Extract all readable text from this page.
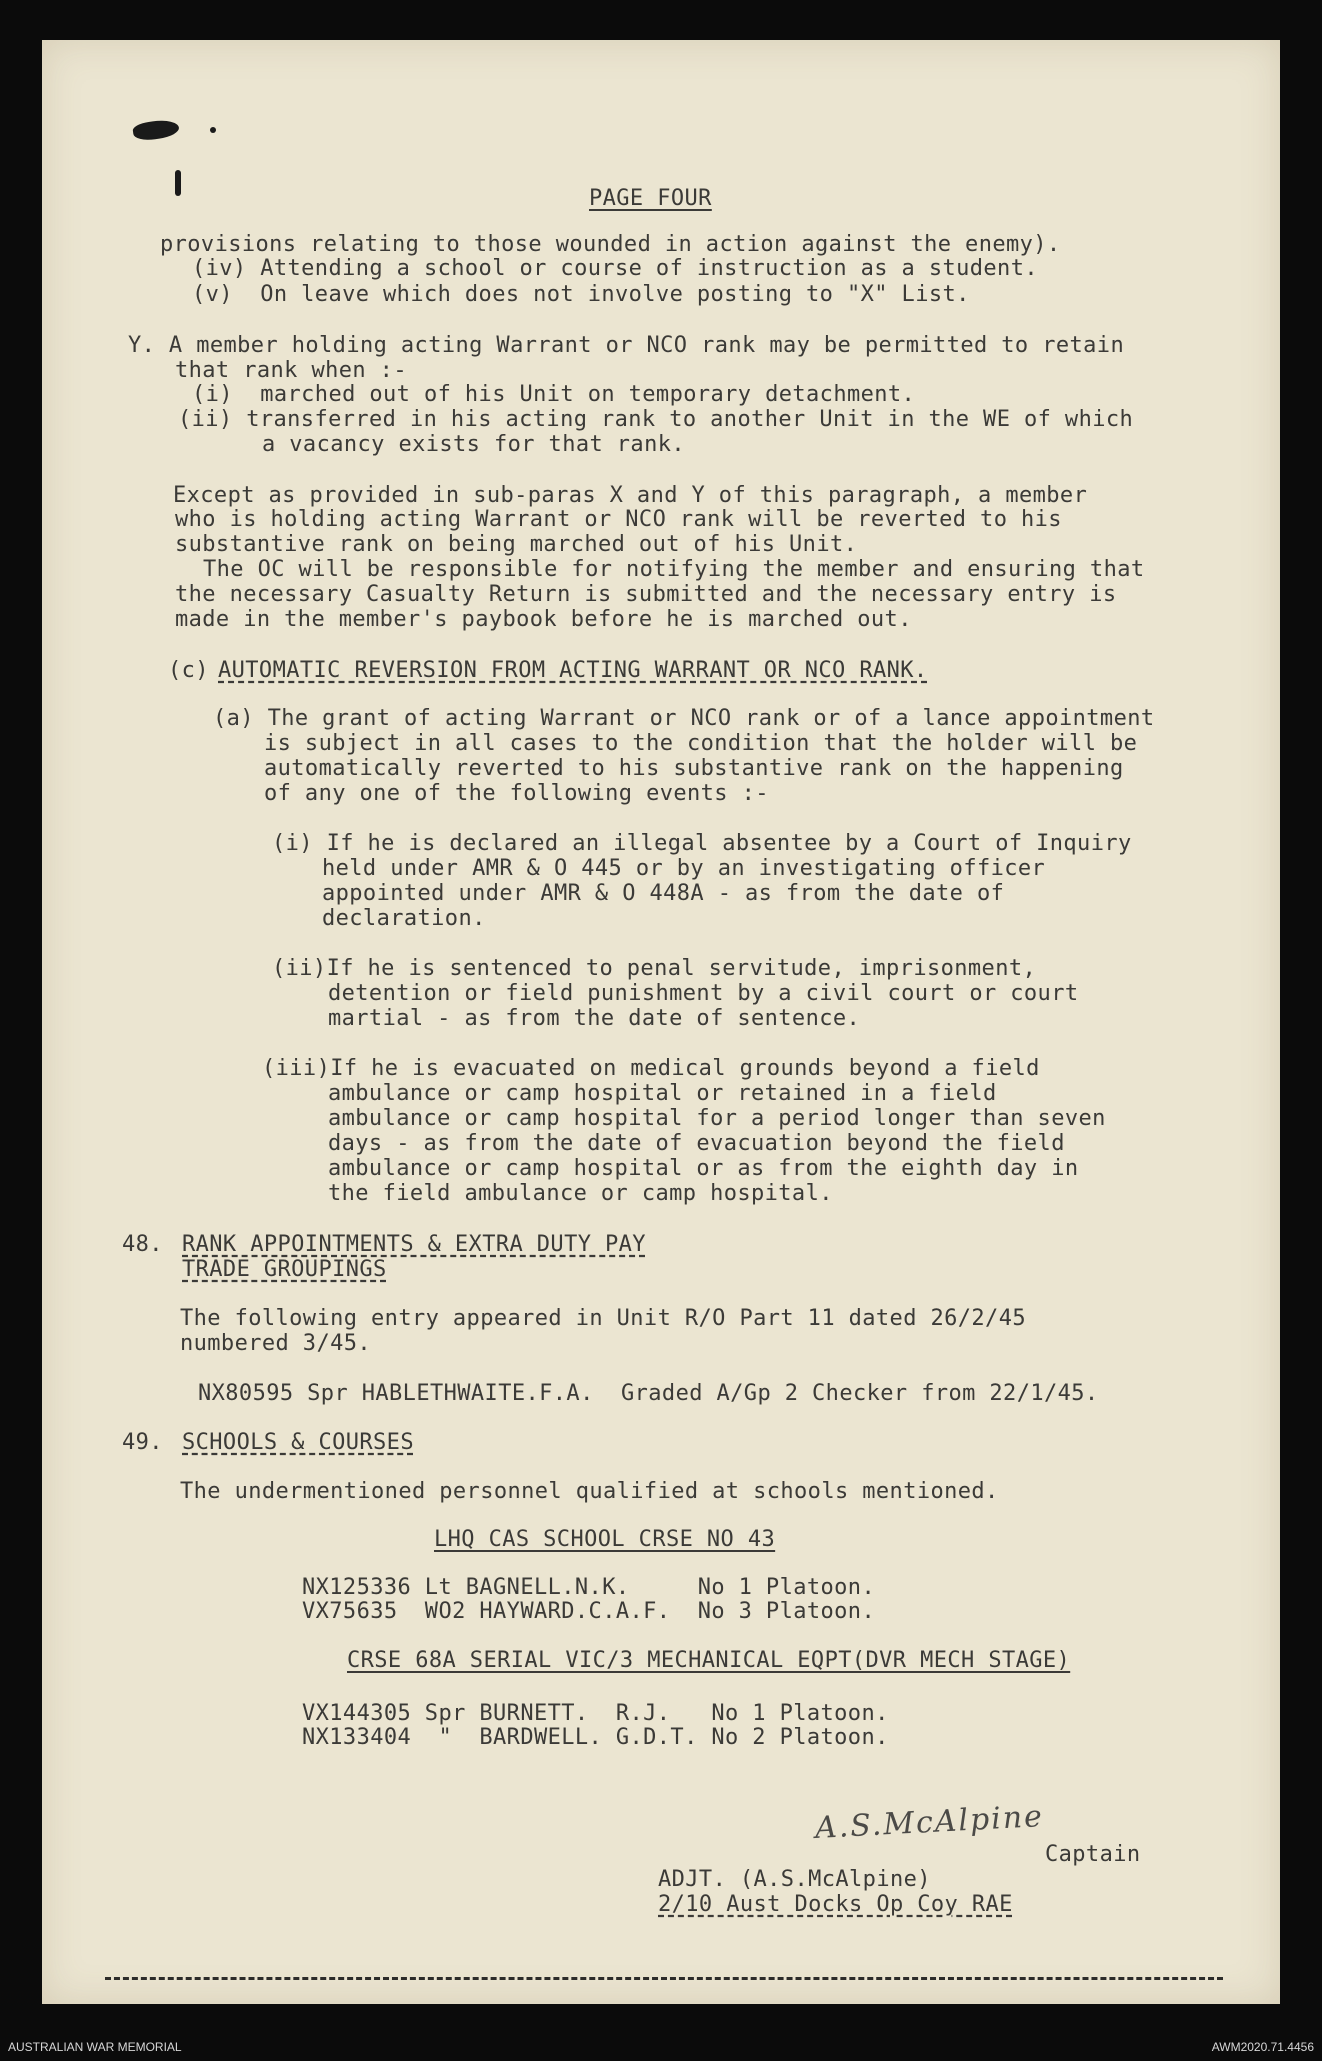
PAGE FOUR
provisions relating to those wounded in action against the enemy).
(iv) Attending a school or course of instruction as a student.
(v)  On leave which does not involve posting to "X" List.
Y. A member holding acting Warrant or NCO rank may be permitted to retain
that rank when :-
(i)  marched out of his Unit on temporary detachment.
(ii) transferred in his acting rank to another Unit in the WE of which
a vacancy exists for that rank.
Except as provided in sub-paras X and Y of this paragraph, a member
who is holding acting Warrant or NCO rank will be reverted to his
substantive rank on being marched out of his Unit.
The OC will be responsible for notifying the member and ensuring that
the necessary Casualty Return is submitted and the necessary entry is
made in the member's paybook before he is marched out.
(c) AUTOMATIC REVERSION FROM ACTING WARRANT OR NCO RANK.
(a) The grant of acting Warrant or NCO rank or of a lance appointment
is subject in all cases to the condition that the holder will be
automatically reverted to his substantive rank on the happening
of any one of the following events :-
(i) If he is declared an illegal absentee by a Court of Inquiry
held under AMR & O 445 or by an investigating officer
appointed under AMR & O 448A - as from the date of
declaration.
(ii)If he is sentenced to penal servitude, imprisonment,
detention or field punishment by a civil court or court
martial - as from the date of sentence.
(iii)If he is evacuated on medical grounds beyond a field
ambulance or camp hospital or retained in a field
ambulance or camp hospital for a period longer than seven
days - as from the date of evacuation beyond the field
ambulance or camp hospital or as from the eighth day in
the field ambulance or camp hospital.
48. RANK APPOINTMENTS & EXTRA DUTY PAY
TRADE GROUPINGS
The following entry appeared in Unit R/O Part 11 dated 26/2/45
numbered 3/45.
NX80595 Spr HABLETHWAITE.F.A.  Graded A/Gp 2 Checker from 22/1/45.
49. SCHOOLS & COURSES
The undermentioned personnel qualified at schools mentioned.
LHQ CAS SCHOOL CRSE NO 43
NX125336 Lt BAGNELL.N.K.     No 1 Platoon.
VX75635  WO2 HAYWARD.C.A.F.  No 3 Platoon.
CRSE 68A SERIAL VIC/3 MECHANICAL EQPT(DVR MECH STAGE)
VX144305 Spr BURNETT.  R.J.   No 1 Platoon.
NX133404  "  BARDWELL. G.D.T. No 2 Platoon.
A.S.McAlpine
Captain
ADJT. (A.S.McAlpine)
2/10 Aust Docks Op Coy RAE
AUSTRALIAN WAR MEMORIAL	AWM2020.71.4456
